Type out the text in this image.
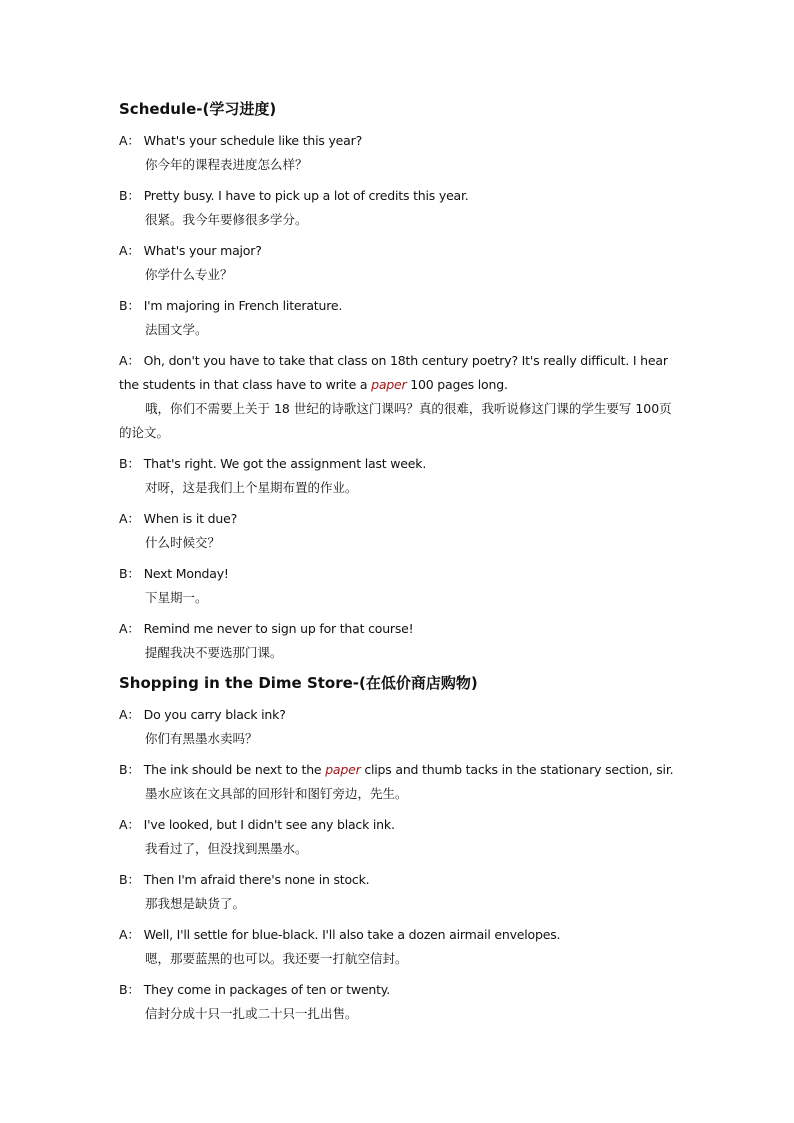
Schedule-(学习进度)
A： What's your schedule like this year?
你今年的课程表进度怎么样？
B： Pretty busy. I have to pick up a lot of credits this year.
很紧。我今年要修很多学分。
A： What's your major?
你学什么专业？
B： I'm majoring in French literature.
法国文学。
A： Oh, don't you have to take that class on 18th century poetry? It's really difficult. I hear the students in that class have to write a paper 100 pages long.
哦，你们不需要上关于 18 世纪的诗歌这门课吗？真的很难，我听说修这门课的学生要写 100页的论文。
B： That's right. We got the assignment last week.
对呀，这是我们上个星期布置的作业。
A： When is it due?
什么时候交？
B： Next Monday!
下星期一。
A： Remind me never to sign up for that course!
提醒我决不要选那门课。
Shopping in the Dime Store-(在低价商店购物)
A： Do you carry black ink?
你们有黑墨水卖吗？
B： The ink should be next to the paper clips and thumb tacks in the stationary section, sir.
墨水应该在文具部的回形针和图钉旁边，先生。
A： I've looked, but I didn't see any black ink.
我看过了，但没找到黑墨水。
B： Then I'm afraid there's none in stock.
那我想是缺货了。
A： Well, I'll settle for blue-black. I'll also take a dozen airmail envelopes.
嗯，那要蓝黑的也可以。我还要一打航空信封。
B： They come in packages of ten or twenty.
信封分成十只一扎或二十只一扎出售。
